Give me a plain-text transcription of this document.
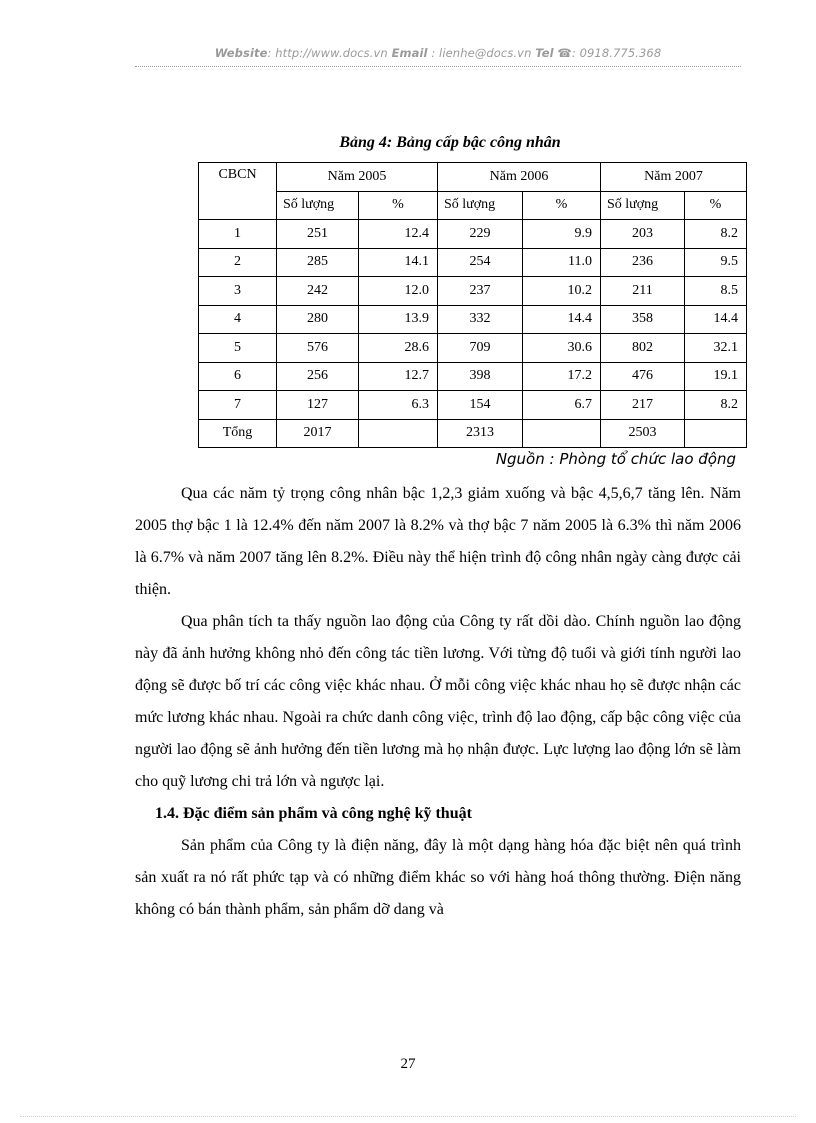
Website: http://www.docs.vn Email : lienhe@docs.vn Tel ☎: 0918.775.368
Bảng 4: Bảng cấp bậc công nhân
CBCN	Năm 2005		Năm 2006		Năm 2007	
	Số lượng	%	Số lượng	%	Số lượng	%
1	251	12.4	229	9.9	203	8.2
2	285	14.1	254	11.0	236	9.5
3	242	12.0	237	10.2	211	8.5
4	280	13.9	332	14.4	358	14.4
5	576	28.6	709	30.6	802	32.1
6	256	12.7	398	17.2	476	19.1
7	127	6.3	154	6.7	217	8.2
Tổng	2017		2313		2503	
Nguồn : Phòng tổ chức lao động

Qua các năm tỷ trọng công nhân bậc 1,2,3 giảm xuống và bậc 4,5,6,7 tăng lên. Năm 2005 thợ bậc 1 là 12.4% đến năm 2007 là 8.2% và thợ bậc 7 năm 2005 là 6.3% thì năm 2006 là 6.7% và năm 2007 tăng lên 8.2%. Điều này thể hiện trình độ công nhân ngày càng được cải thiện.

Qua phân tích ta thấy nguồn lao động của Công ty rất dồi dào. Chính nguồn lao động này đã ảnh hưởng không nhỏ đến công tác tiền lương. Với từng độ tuổi và giới tính người lao động sẽ được bố trí các công việc khác nhau. Ở mỗi công việc khác nhau họ sẽ được nhận các mức lương khác nhau. Ngoài ra chức danh công việc, trình độ lao động, cấp bậc công việc của người lao động sẽ ảnh hưởng đến tiền lương mà họ nhận được. Lực lượng lao động lớn sẽ làm cho quỹ lương chi trả lớn và ngược lại.

1.4. Đặc điểm sản phẩm và công nghệ kỹ thuật

Sản phẩm của Công ty là điện năng, đây là một dạng hàng hóa đặc biệt nên quá trình sản xuất ra nó rất phức tạp và có những điểm khác so với hàng hoá thông thường. Điện năng không có bán thành phẩm, sản phẩm dỡ dang và

27
